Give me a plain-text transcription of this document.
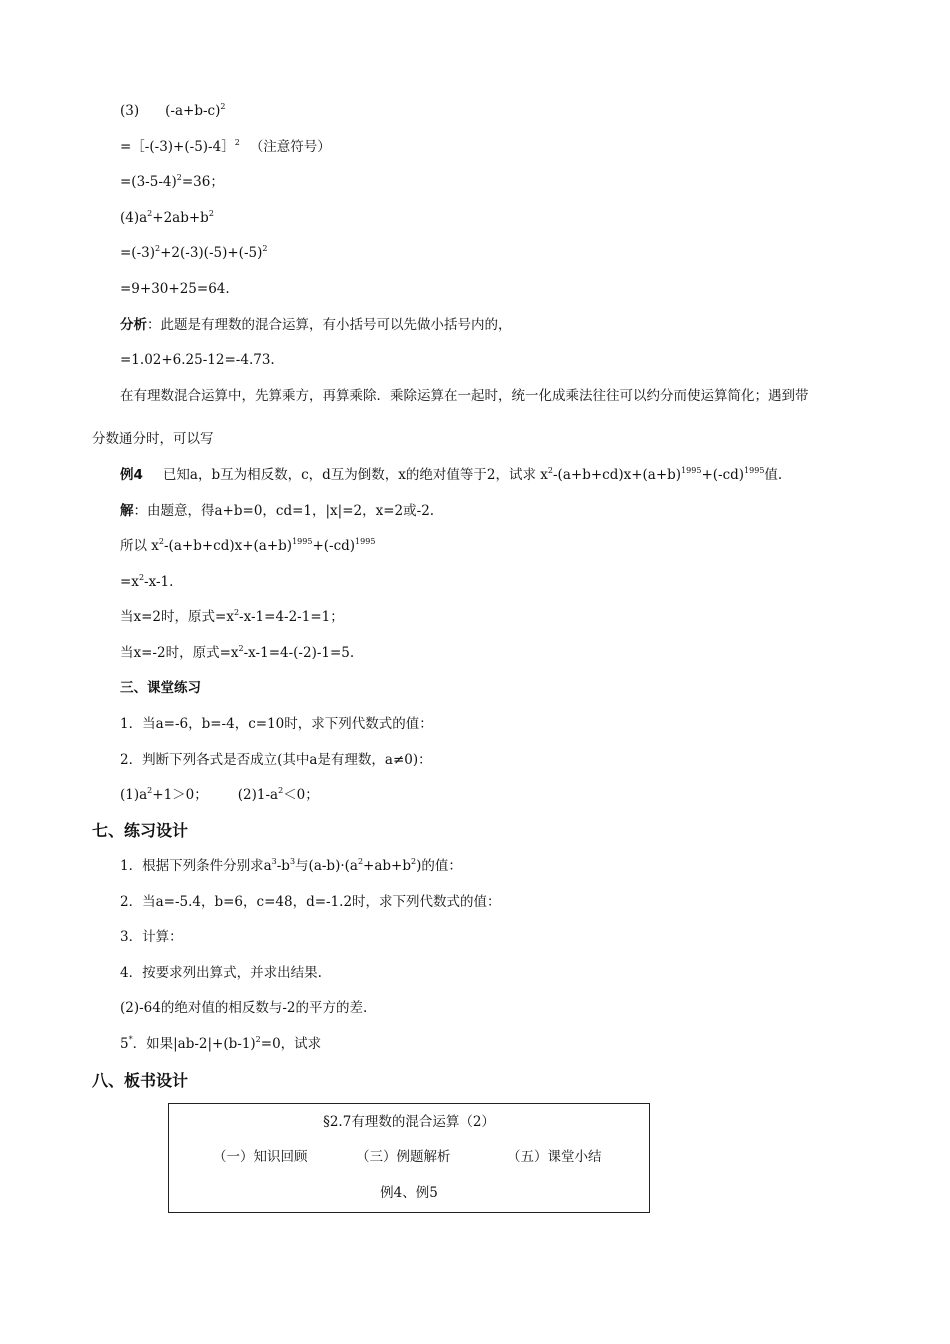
(3) $(-a+b-c)^2$
=［-(-3)+(-5)-4］$^2$ （注意符号）
$=(3-5-4)^2=36$；
$(4)a^2+2ab+b^2$
$=(-3)^2+2(-3)(-5)+(-5)^2$
=9+30+25=64.
分析：此题是有理数的混合运算，有小括号可以先做小括号内的，
=1.02+6.25-12=-4.73.
在有理数混合运算中，先算乘方，再算乘除．乘除运算在一起时，统一化成乘法往往可以约分而使运算简化；遇到带
分数通分时，可以写
例4 已知a，b互为相反数，c，d互为倒数，x的绝对值等于2，试求 $x^2-(a+b+cd)x+(a+b)^{1995}+(-cd)^{1995}$值.
解：由题意，得a+b=0，cd=1，|x|=2，x=2或-2.
所以 $x^2-(a+b+cd)x+(a+b)^{1995}+(-cd)^{1995}$
$=x^2-x-1$.
当x=2时，原式$=x^2-x-1=4-2-1=1$；
当x=-2时，原式$=x^2-x-1=4-(-2)-1=5$.
三、课堂练习
1．当a=-6，b=-4，c=10时，求下列代数式的值：
2．判断下列各式是否成立(其中a是有理数，a≠0)：
$(1)a^2+1>0$； $(2)1-a^2<0$；
七、练习设计
1．根据下列条件分别求$a^3-b^3$与$(a-b)\cdot(a^2+ab+b^2)$的值：
2．当a=-5.4，b=6，c=48，d=-1.2时，求下列代数式的值：
3．计算：
4．按要求列出算式，并求出结果.
(2)-64的绝对值的相反数与-2的平方的差.
5*．如果$|ab-2|+(b-1)^2=0$，试求
八、板书设计
§2.7有理数的混合运算（2）
（一）知识回顾	（三）例题解析	（五）课堂小结
例4、例5
